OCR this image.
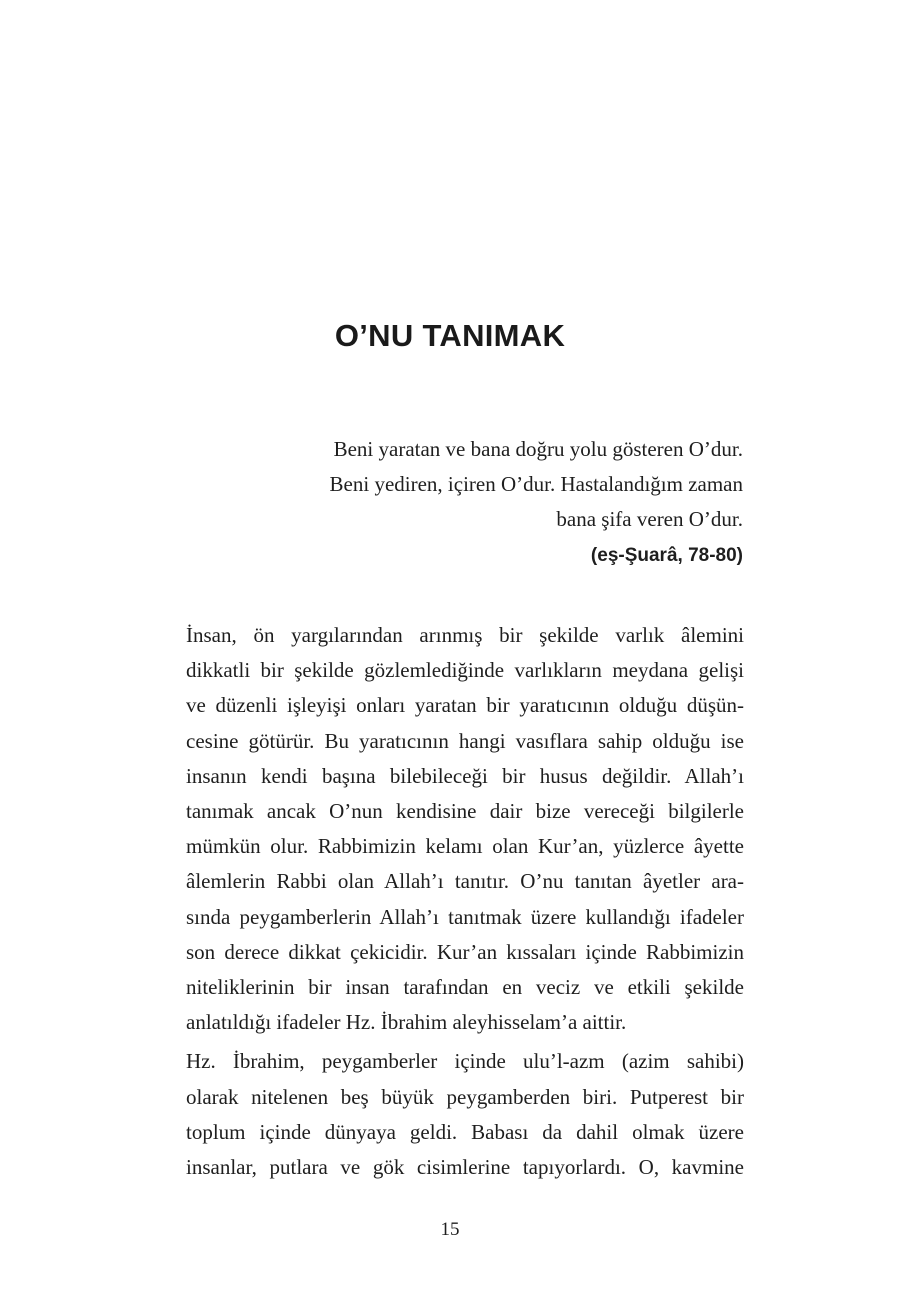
O’NU TANIMAK
Beni yaratan ve bana doğru yolu gösteren O’dur.
Beni yediren, içiren O’dur. Hastalandığım zaman
bana şifa veren O’dur.
(eş-Şuarâ, 78-80)

İnsan, ön yargılarından arınmış bir şekilde varlık âlemini
dikkatli bir şekilde gözlemlediğinde varlıkların meydana gelişi
ve düzenli işleyişi onları yaratan bir yaratıcının olduğu düşün-
cesine götürür. Bu yaratıcının hangi vasıflara sahip olduğu ise
insanın kendi başına bilebileceği bir husus değildir. Allah’ı
tanımak ancak O’nun kendisine dair bize vereceği bilgilerle
mümkün olur. Rabbimizin kelamı olan Kur’an, yüzlerce âyette
âlemlerin Rabbi olan Allah’ı tanıtır. O’nu tanıtan âyetler ara-
sında peygamberlerin Allah’ı tanıtmak üzere kullandığı ifadeler
son derece dikkat çekicidir. Kur’an kıssaları içinde Rabbimizin
niteliklerinin bir insan tarafından en veciz ve etkili şekilde
anlatıldığı ifadeler Hz. İbrahim aleyhisselam’a aittir.

Hz. İbrahim, peygamberler içinde ulu’l-azm (azim sahibi)
olarak nitelenen beş büyük peygamberden biri. Putperest bir
toplum içinde dünyaya geldi. Babası da dahil olmak üzere
insanlar, putlara ve gök cisimlerine tapıyorlardı. O, kavmine

15
